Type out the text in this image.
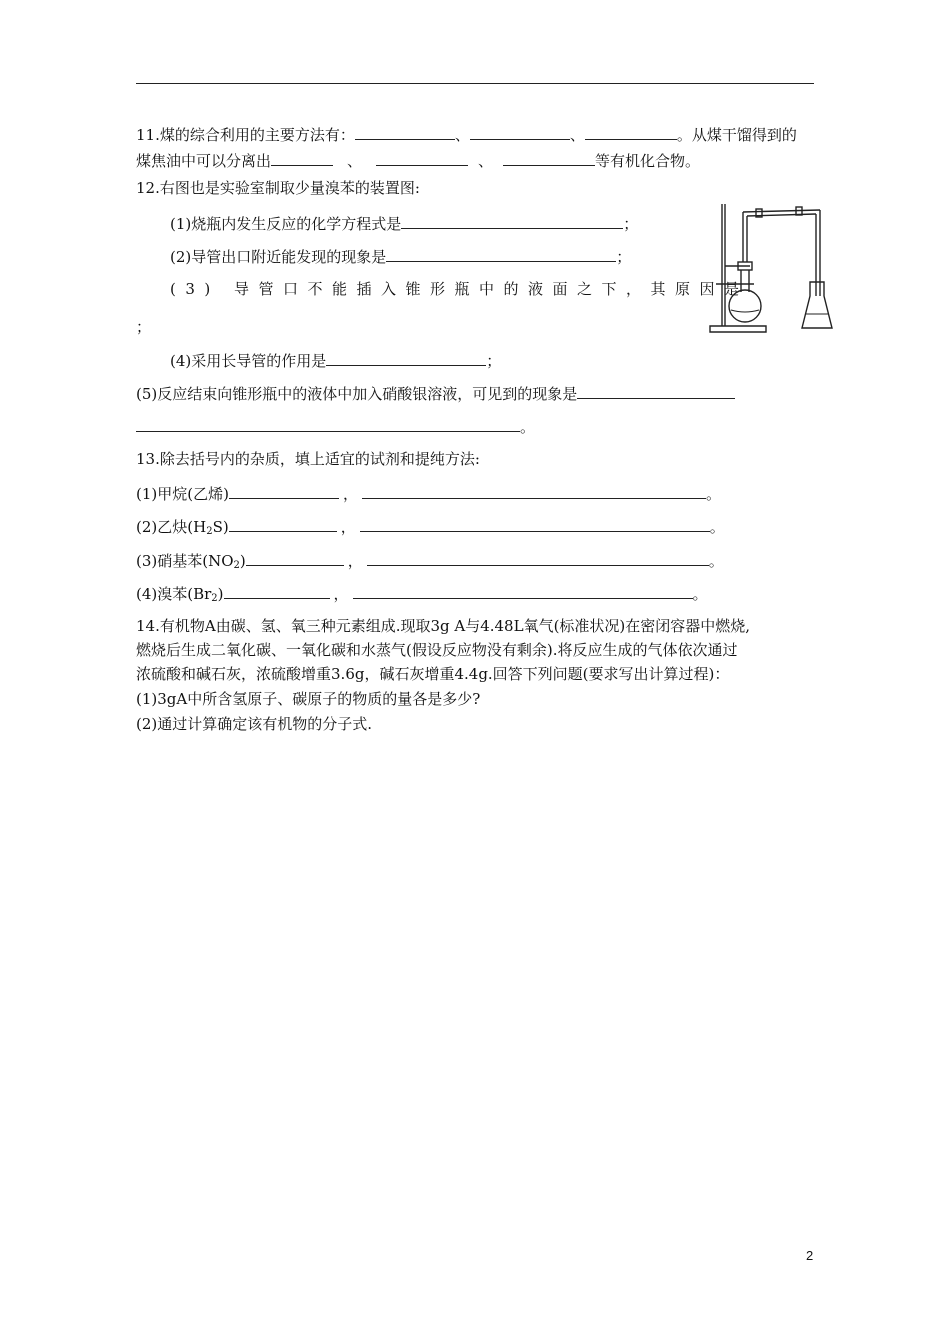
11.煤的综合利用的主要方法有：	、	、	。从煤干馏得到的
煤焦油中可以分离出	、	、	等有机化合物。
12.右图也是实验室制取少量溴苯的装置图:
(1)烧瓶内发生反应的化学方程式是	；
(2)导管出口附近能发现的现象是	；
(3) 导管口不能插入锥形瓶中的液面之下，其原因是
；
(4)采用长导管的作用是	；
(5)反应结束向锥形瓶中的液体中加入硝酸银溶液，可见到的现象是
。
13.除去括号内的杂质，填上适宜的试剂和提纯方法:
(1)甲烷(乙烯)	，	。
(2)乙炔$(H_2S)$	，	。
(3)硝基苯$(NO_2)$	，	。
(4)溴苯$(Br_2)$	，	。
14.有机物A由碳、氢、氧三种元素组成.现取3g A与4.48L氧气(标准状况)在密闭容器中燃烧,
燃烧后生成二氧化碳、一氧化碳和水蒸气(假设反应物没有剩余).将反应生成的气体依次通过
浓硫酸和碱石灰，浓硫酸增重3.6g，碱石灰增重4.4g.回答下列问题(要求写出计算过程)：
(1)3gA中所含氢原子、碳原子的物质的量各是多少?
(2)通过计算确定该有机物的分子式.
2
